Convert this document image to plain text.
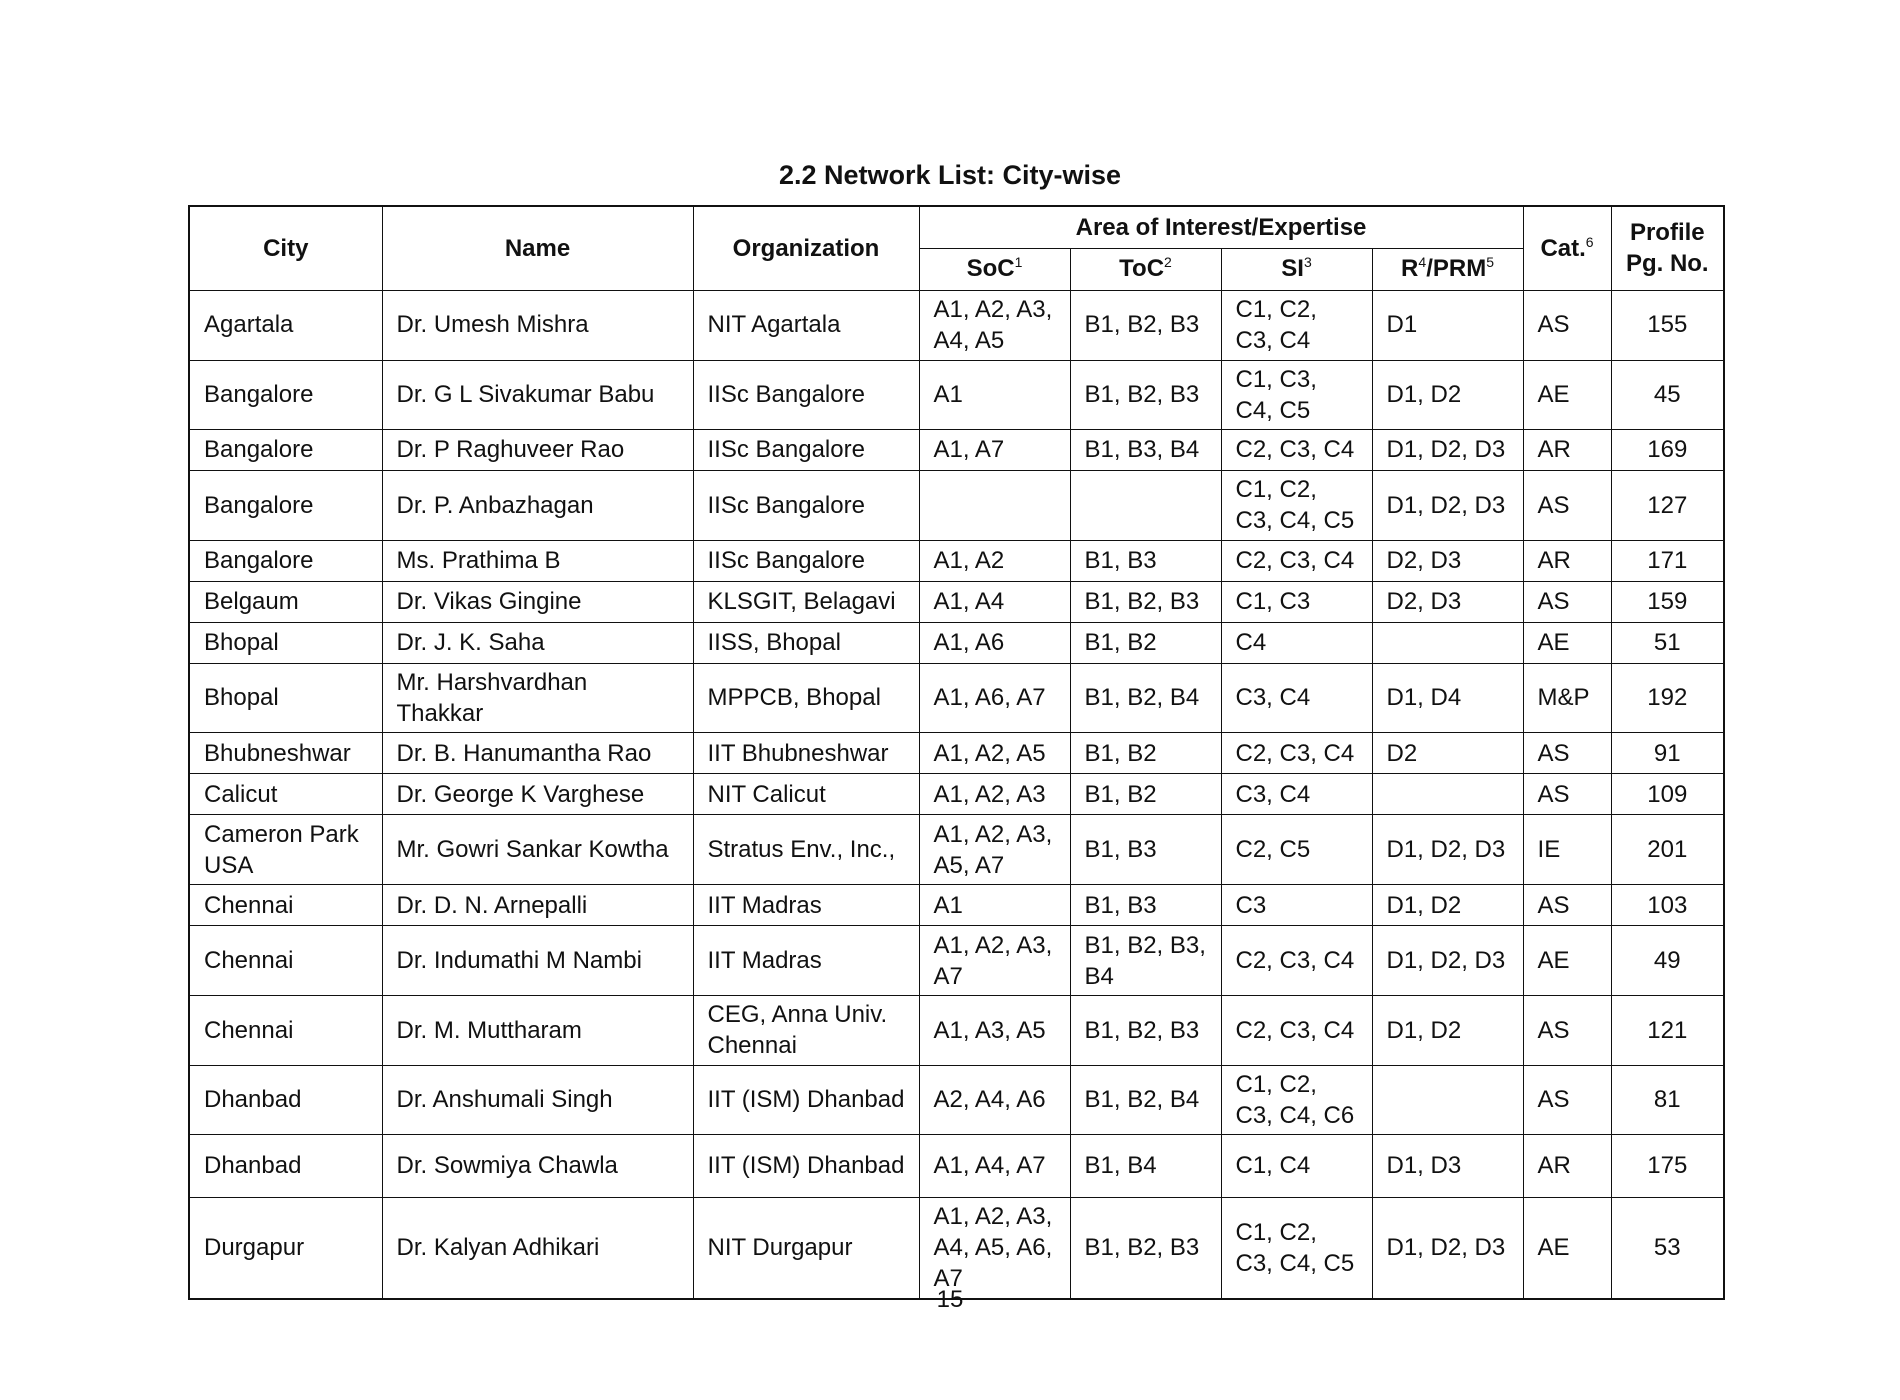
2.2 Network List: City-wise
City	Name	Organization	Area of Interest/Expertise				Cat.$^6$	Profile
Pg. No.
			SoC$^1$	ToC$^2$	$SI^3$	$R^4/PRM^5$
Agartala	Dr. Umesh Mishra	NIT Agartala	A1, A2, A3, A4, A5	B1, B2, B3	C1, C2, C3, C4	D1	AS	155
Bangalore	Dr. G L Sivakumar Babu	IISc Bangalore	A1	B1, B2, B3	C1, C3, C4, C5	D1, D2	AE	45
Bangalore	Dr. P Raghuveer Rao	IISc Bangalore	A1, A7	B1, B3, B4	C2, C3, C4	D1, D2, D3	AR	169
Bangalore	Dr. P. Anbazhagan	IISc Bangalore			C1, C2, C3, C4, C5	D1, D2, D3	AS	127
Bangalore	Ms. Prathima B	IISc Bangalore	A1, A2	B1, B3	C2, C3, C4	D2, D3	AR	171
Belgaum	Dr. Vikas Gingine	KLSGIT, Belagavi	A1, A4	B1, B2, B3	C1, C3	D2, D3	AS	159
Bhopal	Dr. J. K. Saha	IISS, Bhopal	A1, A6	B1, B2	C4		AE	51
Bhopal	Mr. Harshvardhan Thakkar	MPPCB, Bhopal	A1, A6, A7	B1, B2, B4	C3, C4	D1, D4	M&P	192
Bhubneshwar	Dr. B. Hanumantha Rao	IIT Bhubneshwar	A1, A2, A5	B1, B2	C2, C3, C4	D2	AS	91
Calicut	Dr. George K Varghese	NIT Calicut	A1, A2, A3	B1, B2	C3, C4		AS	109
Cameron Park USA	Mr. Gowri Sankar Kowtha	Stratus Env., Inc.,	A1, A2, A3, A5, A7	B1, B3	C2, C5	D1, D2, D3	IE	201
Chennai	Dr. D. N. Arnepalli	IIT Madras	A1	B1, B3	C3	D1, D2	AS	103
Chennai	Dr. Indumathi M Nambi	IIT Madras	A1, A2, A3, A7	B1, B2, B3, B4	C2, C3, C4	D1, D2, D3	AE	49
Chennai	Dr. M. Muttharam	CEG, Anna Univ. Chennai	A1, A3, A5	B1, B2, B3	C2, C3, C4	D1, D2	AS	121
Dhanbad	Dr. Anshumali Singh	IIT (ISM) Dhanbad	A2, A4, A6	B1, B2, B4	C1, C2, C3, C4, C6		AS	81
Dhanbad	Dr. Sowmiya Chawla	IIT (ISM) Dhanbad	A1, A4, A7	B1, B4	C1, C4	D1, D3	AR	175
Durgapur	Dr. Kalyan Adhikari	NIT Durgapur	A1, A2, A3, A4, A5, A6, A7	B1, B2, B3	C1, C2, C3, C4, C5	D1, D2, D3	AE	53
15
